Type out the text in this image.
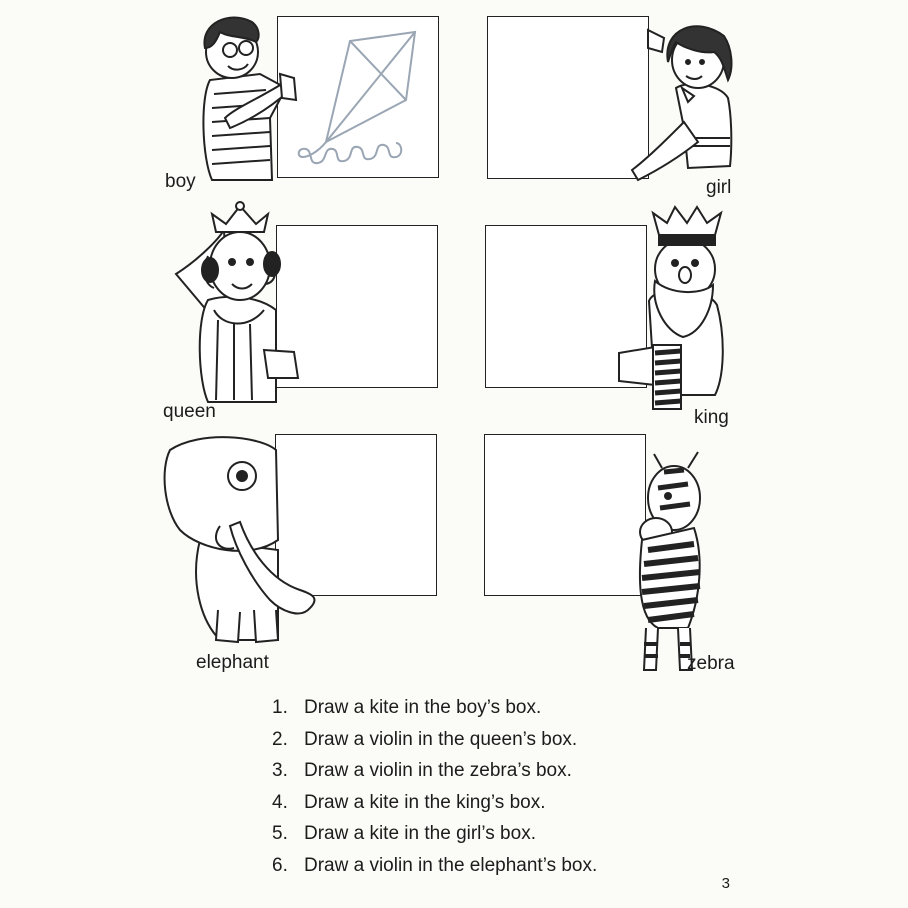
boy	girl
queen	king
elephant	zebra
1. Draw a kite in the boy’s box.
2. Draw a violin in the queen’s box.
3. Draw a violin in the zebra’s box.
4. Draw a kite in the king’s box.
5. Draw a kite in the girl’s box.
6. Draw a violin in the elephant’s box.
3
